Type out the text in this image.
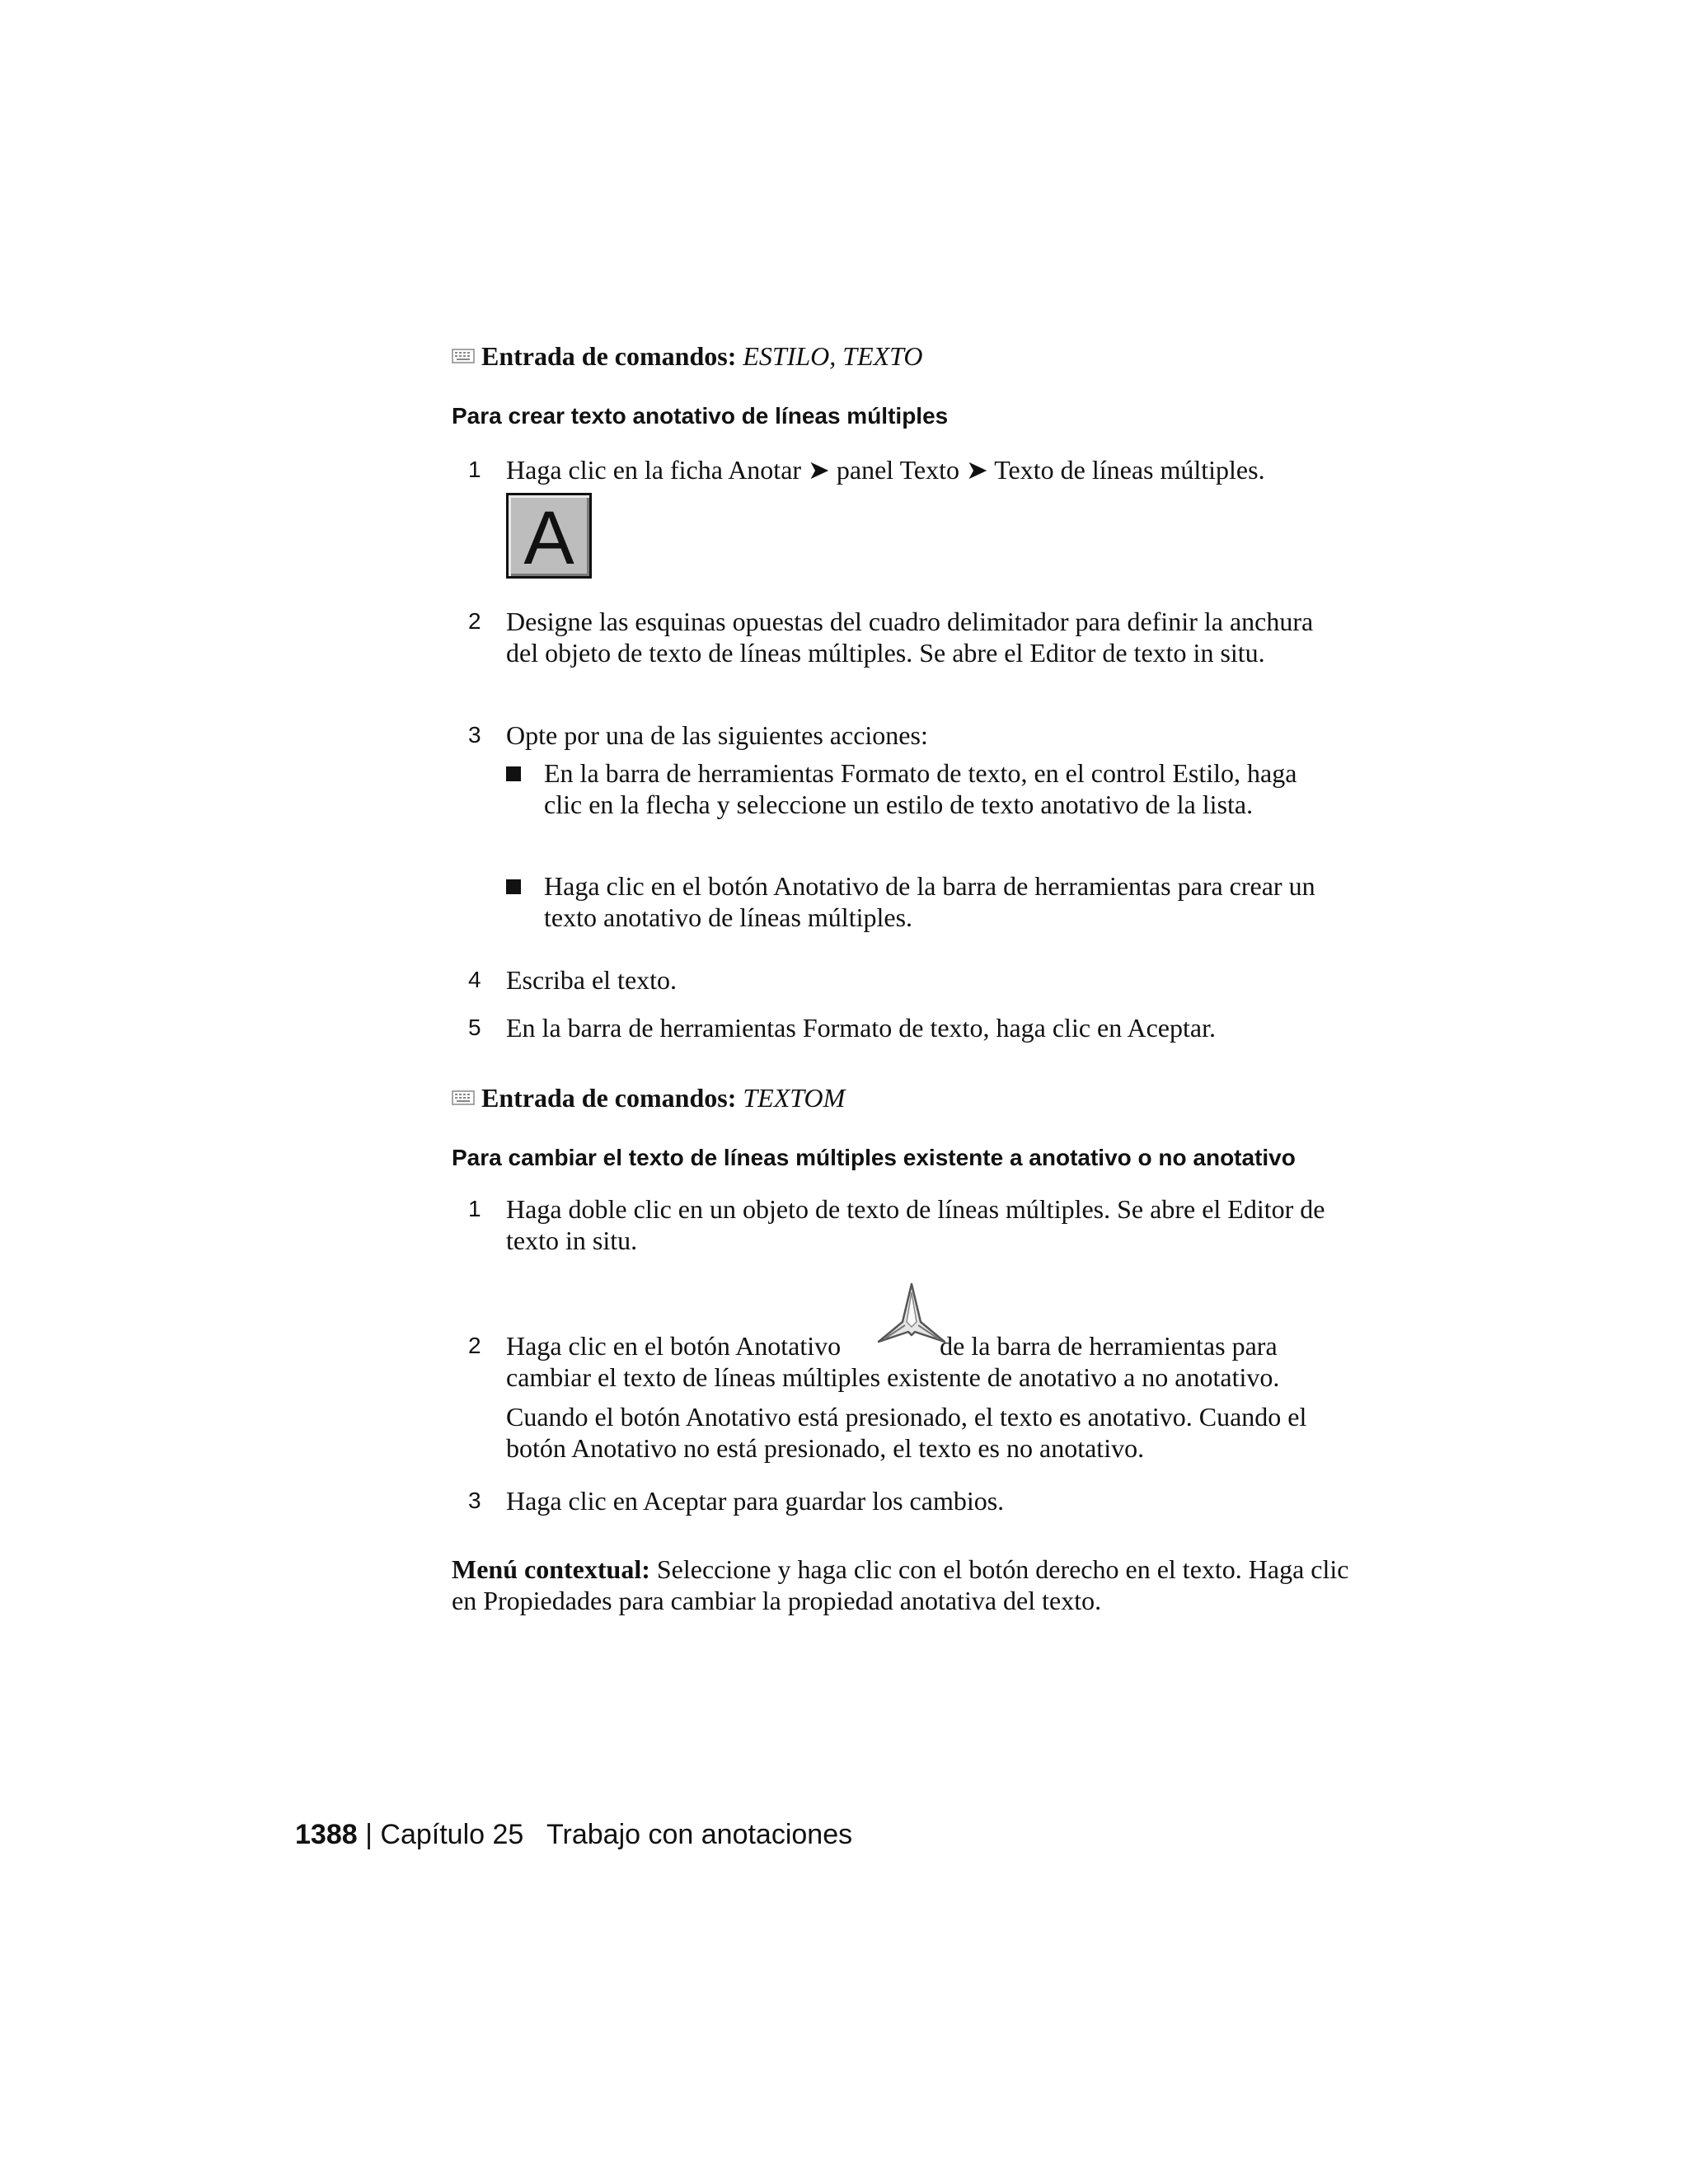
Entrada de comandos: ESTILO, TEXTO
Para crear texto anotativo de líneas múltiples
1 Haga clic en la ficha Anotar ➤ panel Texto ➤ Texto de líneas múltiples.
A
2 Designe las esquinas opuestas del cuadro delimitador para definir la anchura del objeto de texto de líneas múltiples. Se abre el Editor de texto in situ.
3 Opte por una de las siguientes acciones:
En la barra de herramientas Formato de texto, en el control Estilo, haga clic en la flecha y seleccione un estilo de texto anotativo de la lista.
Haga clic en el botón Anotativo de la barra de herramientas para crear un texto anotativo de líneas múltiples.
4 Escriba el texto.
5 En la barra de herramientas Formato de texto, haga clic en Aceptar.
Entrada de comandos: TEXTOM
Para cambiar el texto de líneas múltiples existente a anotativo o no anotativo
1 Haga doble clic en un objeto de texto de líneas múltiples. Se abre el Editor de texto in situ.
2 Haga clic en el botón Anotativo	de la barra de herramientas para
cambiar el texto de líneas múltiples existente de anotativo a no anotativo.
Cuando el botón Anotativo está presionado, el texto es anotativo. Cuando el botón Anotativo no está presionado, el texto es no anotativo.
3 Haga clic en Aceptar para guardar los cambios.
Menú contextual: Seleccione y haga clic con el botón derecho en el texto. Haga clic en Propiedades para cambiar la propiedad anotativa del texto.
1388 | Capítulo 25 Trabajo con anotaciones
